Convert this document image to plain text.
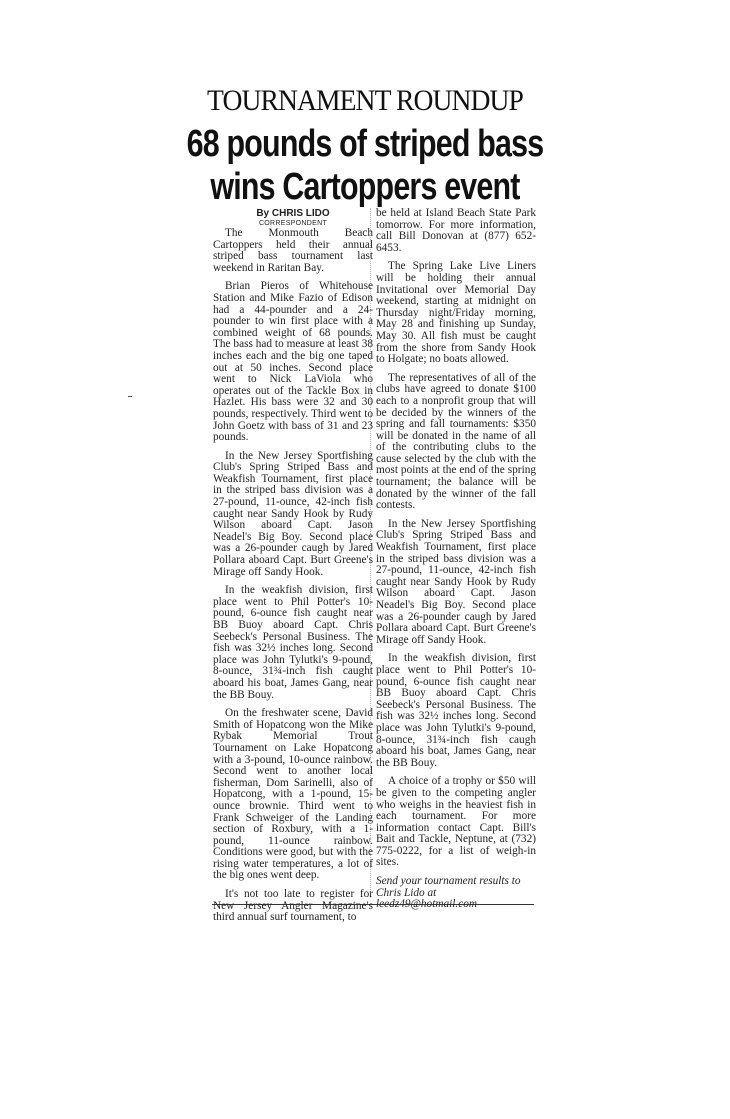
TOURNAMENT ROUNDUP
68 pounds of striped bass
wins Cartoppers event
By CHRIS LIDO
CORRESPONDENT

The Monmouth Beach Cartoppers held their annual striped bass tournament last weekend in Raritan Bay.

Brian Pieros of Whitehouse Station and Mike Fazio of Edison had a 44-pounder and a 24-pounder to win first place with a combined weight of 68 pounds. The bass had to measure at least 38 inches each and the big one taped out at 50 inches. Second place went to Nick LaViola who operates out of the Tackle Box in Hazlet. His bass were 32 and 30 pounds, respectively. Third went to John Goetz with bass of 31 and 23 pounds.

In the New Jersey Sportfishing Club's Spring Striped Bass and Weakfish Tournament, first place in the striped bass division was a 27-pound, 11-ounce, 42-inch fish caught near Sandy Hook by Rudy Wilson aboard Capt. Jason Neadel's Big Boy. Second place was a 26-pounder caugh by Jared Pollara aboard Capt. Burt Greene's Mirage off Sandy Hook.

In the weakfish division, first place went to Phil Potter's 10-pound, 6-ounce fish caught near BB Buoy aboard Capt. Chris Seebeck's Personal Business. The fish was 32½ inches long. Second place was John Tylutki's 9-pound, 8-ounce, 31¾-inch fish caught aboard his boat, James Gang, near the BB Bouy.

On the freshwater scene, David Smith of Hopatcong won the Mike Rybak Memorial Trout Tournament on Lake Hopatcong with a 3-pound, 10-ounce rainbow. Second went to another local fisherman, Dom Sarinelli, also of Hopatcong, with a 1-pound, 15-ounce brownie. Third went to Frank Schweiger of the Landing section of Roxbury, with a 1-pound, 11-ounce rainbow. Conditions were good, but with the rising water temperatures, a lot of the big ones went deep.

It's not too late to register for New Jersey Angler Magazine's third annual surf tournament, to

be held at Island Beach State Park tomorrow. For more information, call Bill Donovan at (877) 652-6453.

The Spring Lake Live Liners will be holding their annual Invitational over Memorial Day weekend, starting at midnight on Thursday night/Friday morning, May 28 and finishing up Sunday, May 30. All fish must be caught from the shore from Sandy Hook to Holgate; no boats allowed.

The representatives of all of the clubs have agreed to donate $100 each to a nonprofit group that will be decided by the winners of the spring and fall tournaments: $350 will be donated in the name of all of the contributing clubs to the cause selected by the club with the most points at the end of the spring tournament; the balance will be donated by the winner of the fall contests.

In the New Jersey Sportfishing Club's Spring Striped Bass and Weakfish Tournament, first place in the striped bass division was a 27-pound, 11-ounce, 42-inch fish caught near Sandy Hook by Rudy Wilson aboard Capt. Jason Neadel's Big Boy. Second place was a 26-pounder caugh by Jared Pollara aboard Capt. Burt Greene's Mirage off Sandy Hook.

In the weakfish division, first place went to Phil Potter's 10-pound, 6-ounce fish caught near BB Buoy aboard Capt. Chris Seebeck's Personal Business. The fish was 32½ inches long. Second place was John Tylutki's 9-pound, 8-ounce, 31¾-inch fish caugh aboard his boat, James Gang, near the BB Bouy.

A choice of a trophy or $50 will be given to the competing angler who weighs in the heaviest fish in each tournament. For more information contact Capt. Bill's Bait and Tackle, Neptune, at (732) 775-0222, for a list of weigh-in sites.

Send your tournament results to Chris Lido at leedz49@hotmail.com
